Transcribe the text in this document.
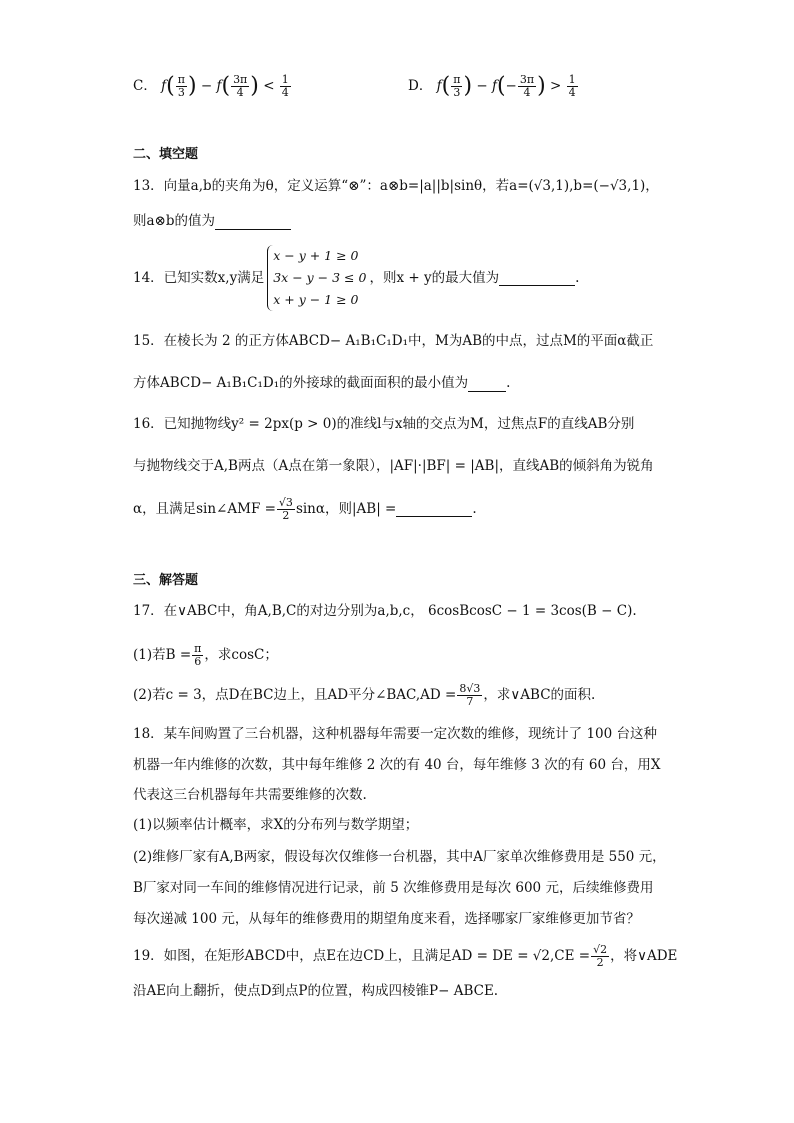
C． $f( \frac{\pi}{3}$ ) − $f( \frac{3\pi}{4}$ ) < $\frac{1}{4}$	D． $f( \frac{\pi}{3}$ ) − $f(- \frac{3\pi}{4}$ ) > $\frac{1}{4}$
二、填空题
13．向量a,b的夹角为θ，定义运算“⊗”：a⊗b=|a||b|sinθ，若a=(√3,1),b=(−√3,1)，
则a⊗b的值为
14．已知实数x,y满足
x − y + 1 ≥ 0
3x − y − 3 ≤ 0
x + y − 1 ≥ 0
，则x + y的最大值为	.
15．在棱长为 2 的正方体ABCD− A₁B₁C₁D₁中，M为AB的中点，过点M的平面α截正
方体ABCD− A₁B₁C₁D₁的外接球的截面面积的最小值为	.
16．已知抛物线y² = 2px(p > 0)的准线l与x轴的交点为M，过焦点F的直线AB分别
与抛物线交于A,B两点（A点在第一象限），|AF|·|BF| = |AB|，直线AB的倾斜角为锐角
α，且满足sin∠AMF = $\frac{√3}{2}$ sinα，则|AB| =	.
三、解答题
17．在∨ABC中，角A,B,C的对边分别为a,b,c， 6cosBcosC − 1 = 3cos(B − C).
(1)若$B = \frac{\pi}{6}$ ，求cosC；
(2)若c = 3，点D在BC边上，且AD平分∠BAC,AD = $\frac{8√3}{7}$ ，求∨ABC的面积.
18．某车间购置了三台机器，这种机器每年需要一定次数的维修，现统计了 100 台这种
机器一年内维修的次数，其中每年维修 2 次的有 40 台，每年维修 3 次的有 60 台，用X
代表这三台机器每年共需要维修的次数.
(1)以频率估计概率，求X的分布列与数学期望；
(2)维修厂家有A,B两家，假设每次仅维修一台机器，其中A厂家单次维修费用是 550 元，
B厂家对同一车间的维修情况进行记录，前 5 次维修费用是每次 600 元，后续维修费用
每次递减 100 元，从每年的维修费用的期望角度来看，选择哪家厂家维修更加节省？
19．如图，在矩形ABCD中，点E在边CD上，且满足AD = DE = $√2,CE = \frac{√2}{2}$ ，将∨ADE
沿AE向上翻折，使点D到点P的位置，构成四棱锥P− ABCE.
